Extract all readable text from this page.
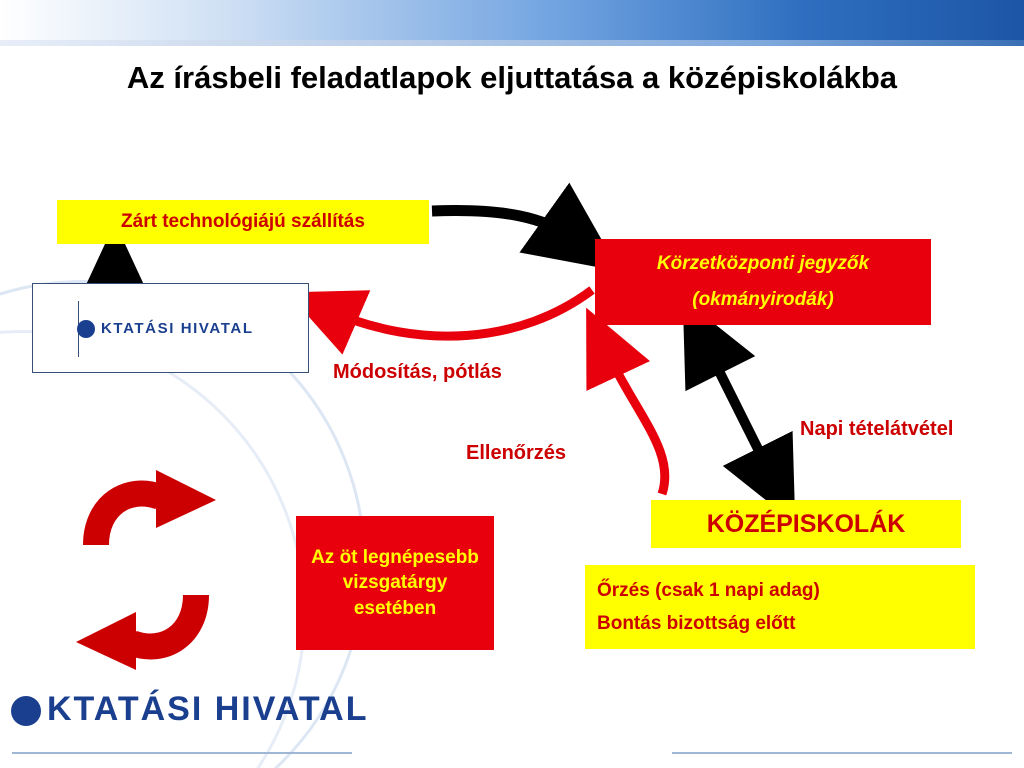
Az írásbeli feladatlapok eljuttatása a középiskolákba
Zárt technológiájú szállítás
Körzetközponti jegyzők
(okmányirodák)
KÖZÉPISKOLÁK
Őrzés (csak 1 napi adag)
Bontás bizottság előtt
Az öt legnépesebb vizsgatárgy esetében
KTATÁSI HIVATAL
Módosítás, pótlás
Ellenőrzés
Napi tételátvétel
KTATÁSI HIVATAL
